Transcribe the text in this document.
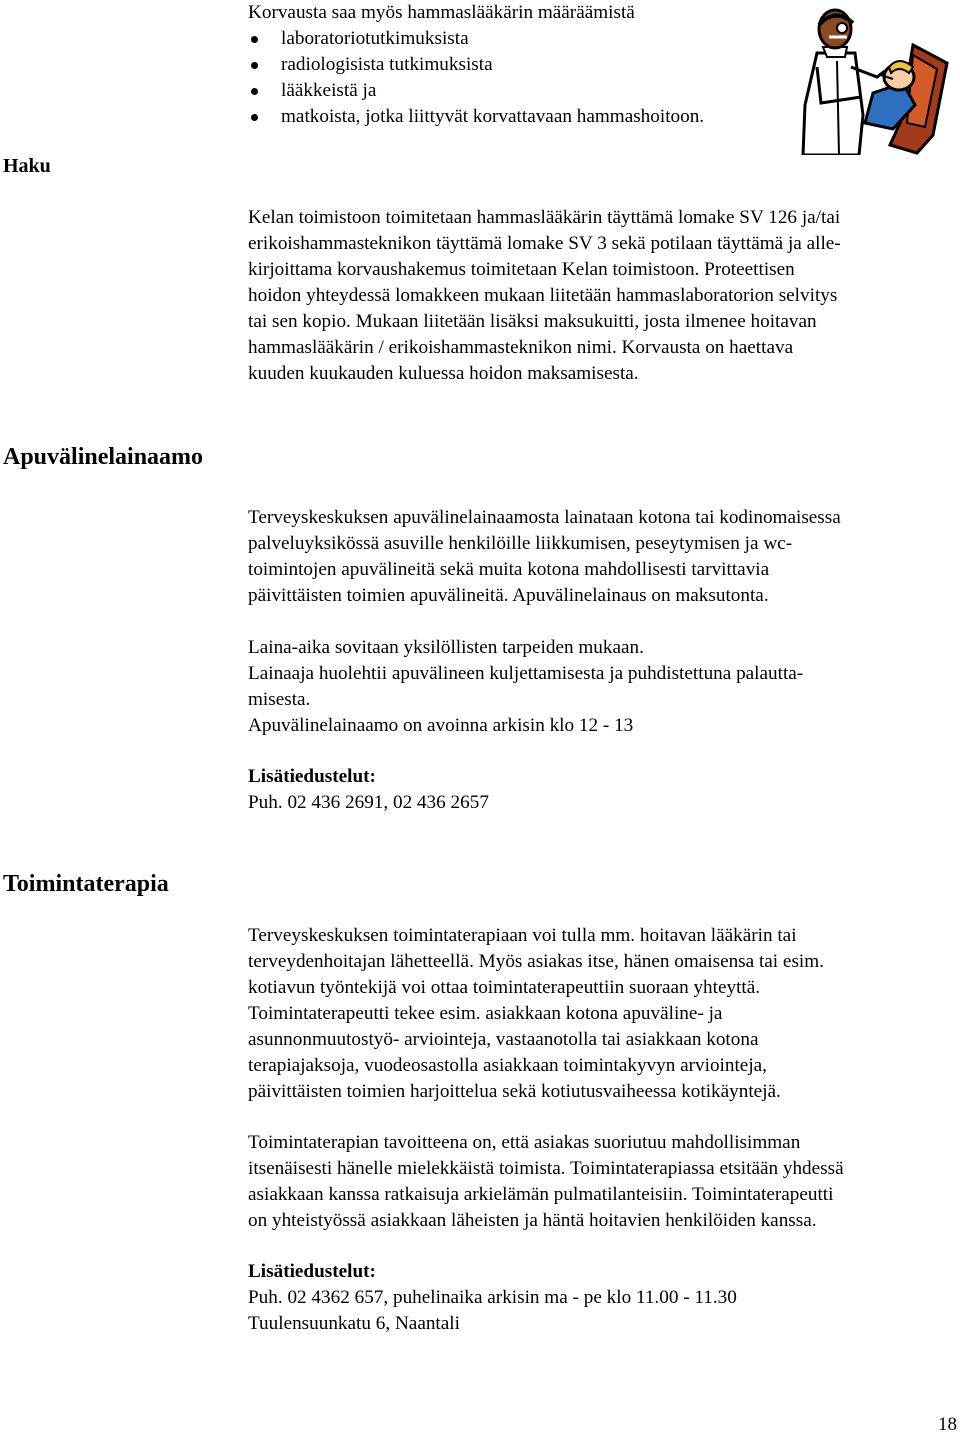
Korvausta saa myös hammaslääkärin määräämistä
laboratoriotutkimuksista
radiologisista tutkimuksista
lääkkeistä ja
matkoista, jotka liittyvät korvattavaan hammashoitoon.
Haku
Kelan toimistoon toimitetaan hammaslääkärin täyttämä lomake SV 126 ja/tai
erikoishammasteknikon täyttämä lomake SV 3 sekä potilaan täyttämä ja alle-
kirjoittama korvaushakemus toimitetaan Kelan toimistoon. Proteettisen
hoidon yhteydessä lomakkeen mukaan liitetään hammaslaboratorion selvitys
tai sen kopio. Mukaan liitetään lisäksi maksukuitti, josta ilmenee hoitavan
hammaslääkärin / erikoishammasteknikon nimi. Korvausta on haettava
kuuden kuukauden kuluessa hoidon maksamisesta.
Apuvälinelainaamo
Terveyskeskuksen apuvälinelainaamosta lainataan kotona tai kodinomaisessa
palveluyksikössä asuville henkilöille liikkumisen, peseytymisen ja wc-
toimintojen apuvälineitä sekä muita kotona mahdollisesti tarvittavia
päivittäisten toimien apuvälineitä. Apuvälinelainaus on maksutonta.
Laina-aika sovitaan yksilöllisten tarpeiden mukaan.
Lainaaja huolehtii apuvälineen kuljettamisesta ja puhdistettuna palautta-
misesta.
Apuvälinelainaamo on avoinna arkisin klo 12 - 13
Lisätiedustelut:
Puh. 02 436 2691, 02 436 2657
Toimintaterapia
Terveyskeskuksen toimintaterapiaan voi tulla mm. hoitavan lääkärin tai
terveydenhoitajan lähetteellä. Myös asiakas itse, hänen omaisensa tai esim.
kotiavun työntekijä voi ottaa toimintaterapeuttiin suoraan yhteyttä.
Toimintaterapeutti tekee esim. asiakkaan kotona apuväline- ja
asunnonmuutostyö- arviointeja, vastaanotolla tai asiakkaan kotona
terapiajaksoja, vuodeosastolla asiakkaan toimintakyvyn arviointeja,
päivittäisten toimien harjoittelua sekä kotiutusvaiheessa kotikäyntejä.
Toimintaterapian tavoitteena on, että asiakas suoriutuu mahdollisimman
itsenäisesti hänelle mielekkäistä toimista. Toimintaterapiassa etsitään yhdessä
asiakkaan kanssa ratkaisuja arkielämän pulmatilanteisiin. Toimintaterapeutti
on yhteistyössä asiakkaan läheisten ja häntä hoitavien henkilöiden kanssa.
Lisätiedustelut:
Puh. 02 4362 657, puhelinaika arkisin ma - pe klo 11.00 - 11.30
Tuulensuunkatu 6, Naantali
18
